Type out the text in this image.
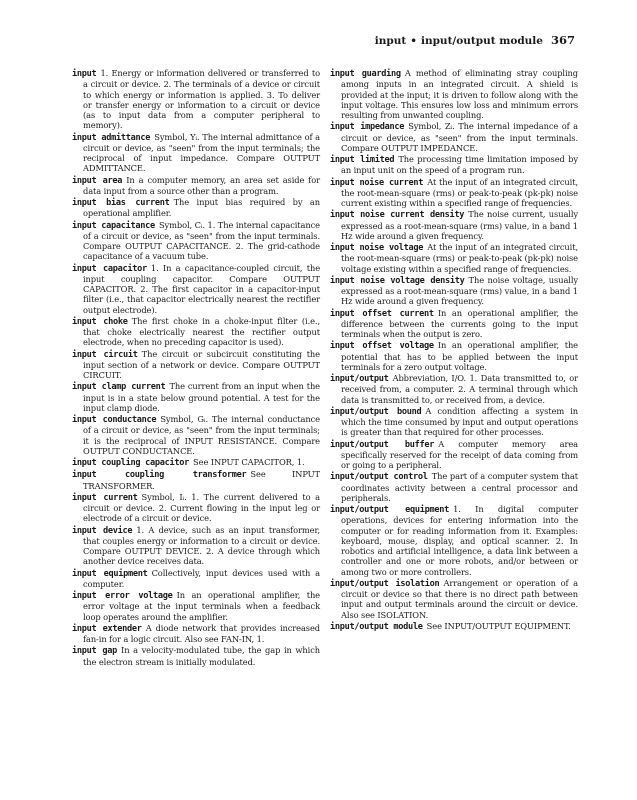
input • input/output module 367

input  1. Energy or information delivered or transferred to a circuit or device. 2. The terminals of a device or circuit to which energy or information is applied. 3. To deliver or transfer energy or information to a circuit or device (as to input data from a computer peripheral to memory).

input admittance  Symbol, Yᵢ. The internal admittance of a circuit or device, as "seen" from the input terminals; the reciprocal of input impedance. Compare OUTPUT ADMITTANCE.

input area  In a computer memory, an area set aside for data input from a source other than a program.

input bias current  The input bias required by an operational amplifier.

input capacitance  Symbol, Cᵢ. 1. The internal capacitance of a circuit or device, as "seen" from the input terminals. Compare OUTPUT CAPACITANCE. 2. The grid-cathode capacitance of a vacuum tube.

input capacitor  1. In a capacitance-coupled circuit, the input coupling capacitor. Compare OUTPUT CAPACITOR. 2. The first capacitor in a capacitor-input filter (i.e., that capacitor electrically nearest the rectifier output electrode).

input choke  The first choke in a choke-input filter (i.e., that choke electrically nearest the rectifier output electrode, when no preceding capacitor is used).

input circuit  The circuit or subcircuit constituting the input section of a network or device. Compare OUTPUT CIRCUIT.

input clamp current  The current from an input when the input is in a state below ground potential. A test for the input clamp diode.

input conductance  Symbol, Gᵢ. The internal conductance of a circuit or device, as "seen" from the input terminals; it is the reciprocal of INPUT RESISTANCE. Compare OUTPUT CONDUCTANCE.

input coupling capacitor  See INPUT CAPACITOR, 1.

input coupling transformer  See INPUT TRANSFORMER.

input current  Symbol, Iᵢ. 1. The current delivered to a circuit or device. 2. Current flowing in the input leg or electrode of a circuit or device.

input device  1. A device, such as an input transformer, that couples energy or information to a circuit or device. Compare OUTPUT DEVICE. 2. A device through which another device receives data.

input equipment  Collectively, input devices used with a computer.

input error voltage  In an operational amplifier, the error voltage at the input terminals when a feedback loop operates around the amplifier.

input extender  A diode network that provides increased fan-in for a logic circuit. Also see FAN-IN, 1.

input gap  In a velocity-modulated tube, the gap in which the electron stream is initially modulated.

input guarding  A method of eliminating stray coupling among inputs in an integrated circuit. A shield is provided at the input; it is driven to follow along with the input voltage. This ensures low loss and minimum errors resulting from unwanted coupling.

input impedance  Symbol, Zᵢ. The internal impedance of a circuit or device, as "seen" from the input terminals. Compare OUTPUT IMPEDANCE.

input limited  The processing time limitation imposed by an input unit on the speed of a program run.

input noise current  At the input of an integrated circuit, the root-mean-square (rms) or peak-to-peak (pk-pk) noise current existing within a specified range of frequencies.

input noise current density  The noise current, usually expressed as a root-mean-square (rms) value, in a band 1 Hz wide around a given frequency.

input noise voltage  At the input of an integrated circuit, the root-mean-square (rms) or peak-to-peak (pk-pk) noise voltage existing within a specified range of frequencies.

input noise voltage density  The noise voltage, usually expressed as a root-mean-square (rms) value, in a band 1 Hz wide around a given frequency.

input offset current  In an operational amplifier, the difference between the currents going to the input terminals when the output is zero.

input offset voltage  In an operational amplifier, the potential that has to be applied between the input terminals for a zero output voltage.

input/output  Abbreviation, I/O. 1. Data transmitted to, or received from, a computer. 2. A terminal through which data is transmitted to, or received from, a device.

input/output bound  A condition affecting a system in which the time consumed by input and output operations is greater than that required for other processes.

input/output buffer  A computer memory area specifically reserved for the receipt of data coming from or going to a peripheral.

input/output control  The part of a computer system that coordinates activity between a central processor and peripherals.

input/output equipment  1. In digital computer operations, devices for entering information into the computer or for reading information from it. Examples: keyboard, mouse, display, and optical scanner. 2. In robotics and artificial intelligence, a data link between a controller and one or more robots, and/or between or among two or more controllers.

input/output isolation  Arrangement or operation of a circuit or device so that there is no direct path between input and output terminals around the circuit or device. Also see ISOLATION.

input/output module  See INPUT/OUTPUT EQUIPMENT.
